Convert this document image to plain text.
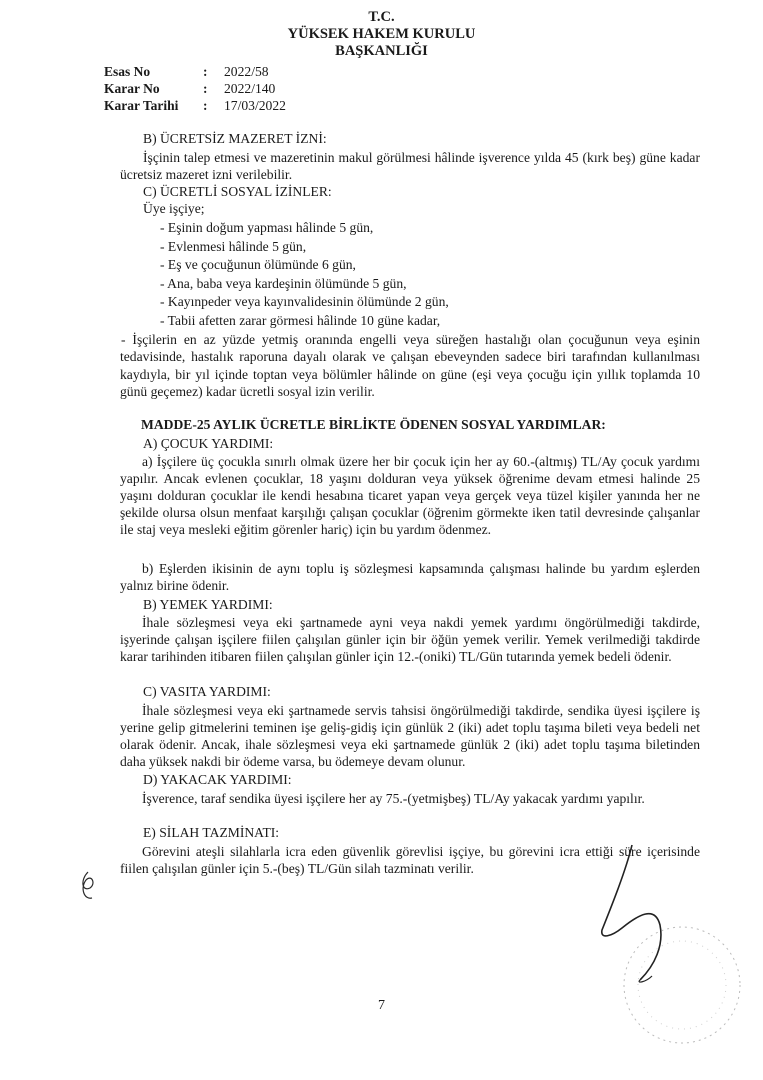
T.C.
YÜKSEK HAKEM KURULU
BAŞKANLIĞI
Esas No	: 2022/58
Karar No	: 2022/140
Karar Tarihi : 17/03/2022
B) ÜCRETSİZ MAZERET İZNİ:
İşçinin talep etmesi ve mazeretinin makul görülmesi hâlinde işverence yılda 45 (kırk beş) güne kadar ücretsiz mazeret izni verilebilir.
C) ÜCRETLİ SOSYAL İZİNLER:
Üye işçiye;
- Eşinin doğum yapması hâlinde 5 gün,
- Evlenmesi hâlinde 5 gün,
- Eş ve çocuğunun ölümünde 6 gün,
- Ana, baba veya kardeşinin ölümünde 5 gün,
- Kayınpeder veya kayınvalidesinin ölümünde 2 gün,
- Tabii afetten zarar görmesi hâlinde 10 güne kadar,
- İşçilerin en az yüzde yetmiş oranında engelli veya süreğen hastalığı olan çocuğunun veya eşinin tedavisinde, hastalık raporuna dayalı olarak ve çalışan ebeveynden sadece biri tarafından kullanılması kaydıyla, bir yıl içinde toptan veya bölümler hâlinde on güne (eşi veya çocuğu için yıllık toplamda 10 günü geçemez) kadar ücretli sosyal izin verilir.
MADDE-25 AYLIK ÜCRETLE BİRLİKTE ÖDENEN SOSYAL YARDIMLAR:
A) ÇOCUK YARDIMI:
a) İşçilere üç çocukla sınırlı olmak üzere her bir çocuk için her ay 60.-(altmış) TL/Ay çocuk yardımı yapılır. Ancak evlenen çocuklar, 18 yaşını dolduran veya yüksek öğrenime devam etmesi halinde 25 yaşını dolduran çocuklar ile kendi hesabına ticaret yapan veya gerçek veya tüzel kişiler yanında her ne şekilde olursa olsun menfaat karşılığı çalışan çocuklar (öğrenim görmekte iken tatil devresinde çalışanlar ile staj veya mesleki eğitim görenler hariç) için bu yardım ödenmez.
b) Eşlerden ikisinin de aynı toplu iş sözleşmesi kapsamında çalışması halinde bu yardım eşlerden yalnız birine ödenir.
B) YEMEK YARDIMI:
İhale sözleşmesi veya eki şartnamede ayni veya nakdi yemek yardımı öngörülmediği takdirde, işyerinde çalışan işçilere fiilen çalışılan günler için bir öğün yemek verilir. Yemek verilmediği takdirde karar tarihinden itibaren fiilen çalışılan günler için 12.-(oniki) TL/Gün tutarında yemek bedeli ödenir.
C) VASITA YARDIMI:
İhale sözleşmesi veya eki şartnamede servis tahsisi öngörülmediği takdirde, sendika üyesi işçilere iş yerine gelip gitmelerini teminen işe geliş-gidiş için günlük 2 (iki) adet toplu taşıma bileti veya bedeli net olarak ödenir. Ancak, ihale sözleşmesi veya eki şartnamede günlük 2 (iki) adet toplu taşıma biletinden daha yüksek nakdi bir ödeme varsa, bu ödemeye devam olunur.
D) YAKACAK YARDIMI:
İşverence, taraf sendika üyesi işçilere her ay 75.-(yetmişbeş) TL/Ay yakacak yardımı yapılır.
E) SİLAH TAZMİNATI:
Görevini ateşli silahlarla icra eden güvenlik görevlisi işçiye, bu görevini icra ettiği süre içerisinde fiilen çalışılan günler için 5.-(beş) TL/Gün silah tazminatı verilir.
7
